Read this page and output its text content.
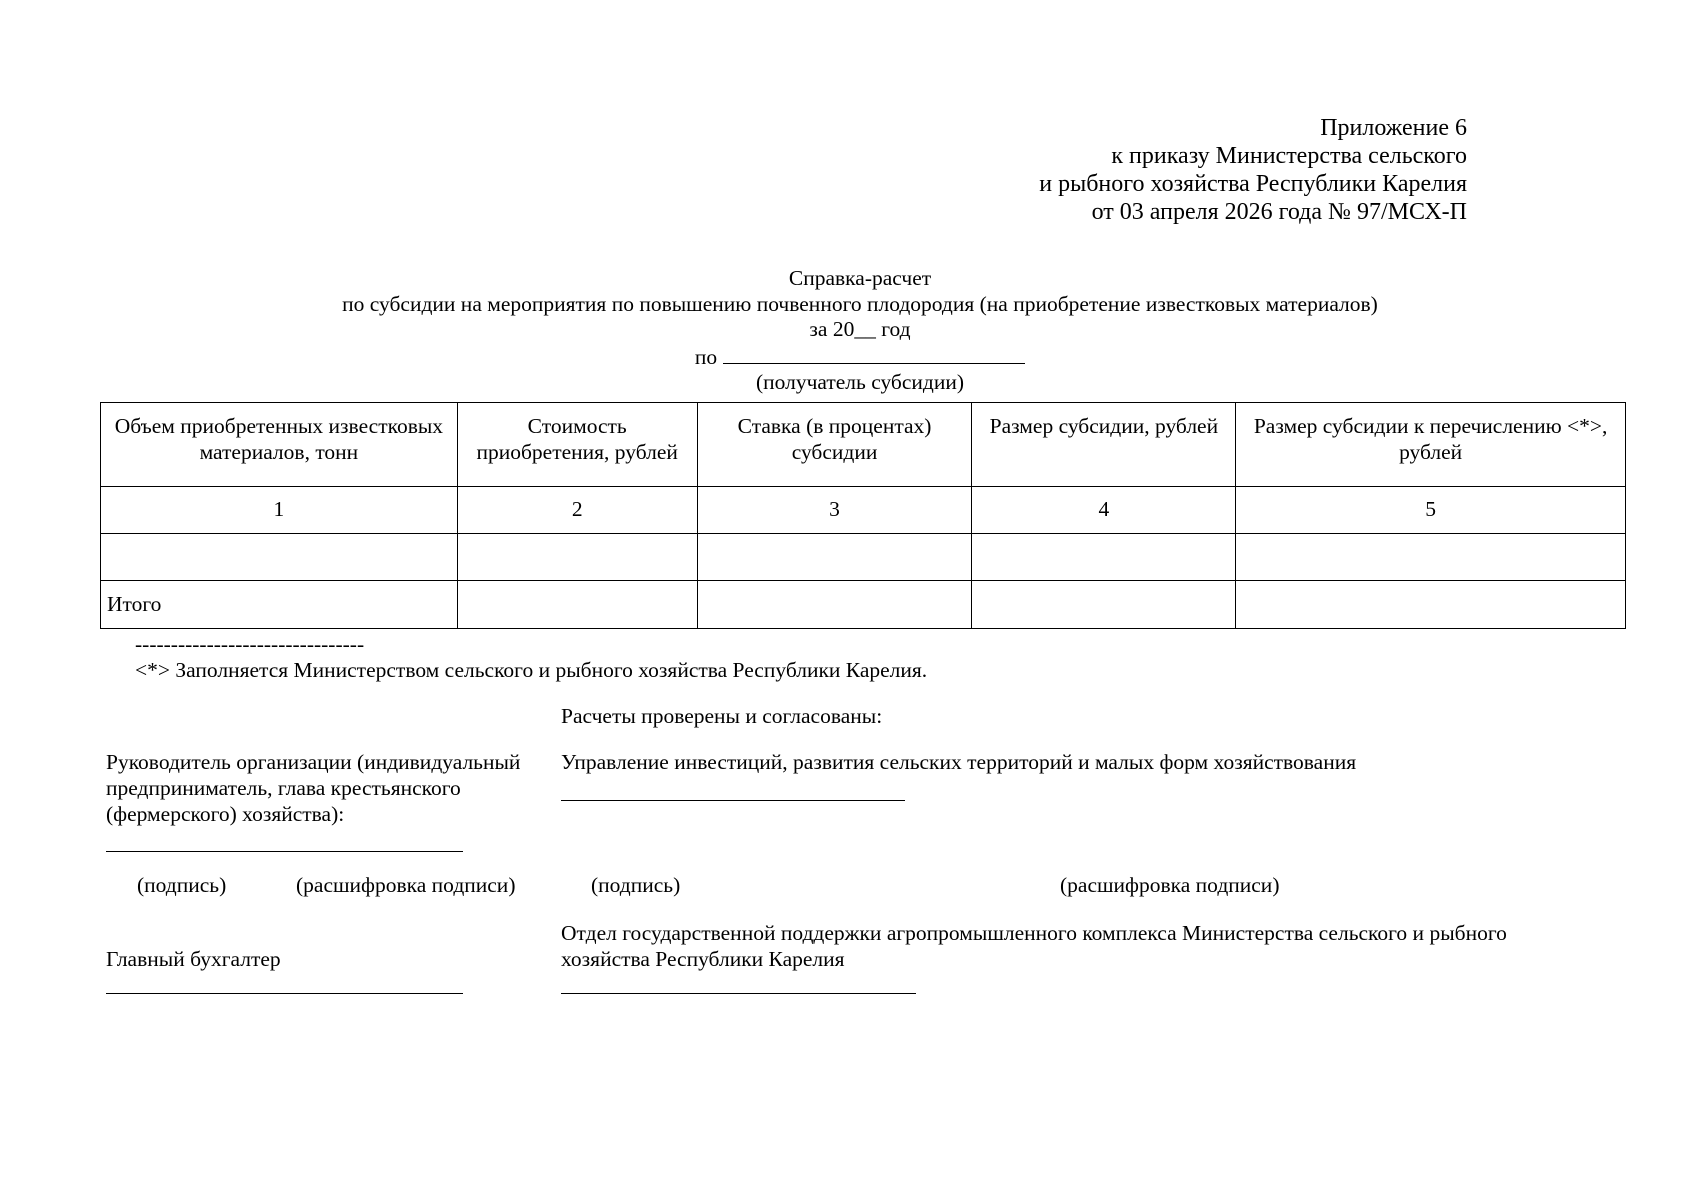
Приложение 6
к приказу Министерства сельского
и рыбного хозяйства Республики Карелия
от 03 апреля 2026 года № 97/МСХ-П
Справка-расчет
по субсидии на мероприятия по повышению почвенного плодородия (на приобретение известковых материалов)
за 20__ год
по
(получатель субсидии)
Объем приобретенных известковых материалов, тонн	Стоимость приобретения, рублей	Ставка (в процентах) субсидии	Размер субсидии, рублей	Размер субсидии к перечислению <*>, рублей
1	2	3	4	5

Итого				
--------------------------------
<*> Заполняется Министерством сельского и рыбного хозяйства Республики Карелия.
Расчеты проверены и согласованы:
Руководитель организации (индивидуальный предприниматель, глава крестьянского (фермерского) хозяйства):
Управление инвестиций, развития сельских территорий и малых форм хозяйствования
(подпись)	(расшифровка подписи)	(подпись)	(расшифровка подписи)
Отдел государственной поддержки агропромышленного комплекса Министерства сельского и рыбного хозяйства Республики Карелия
Главный бухгалтер
